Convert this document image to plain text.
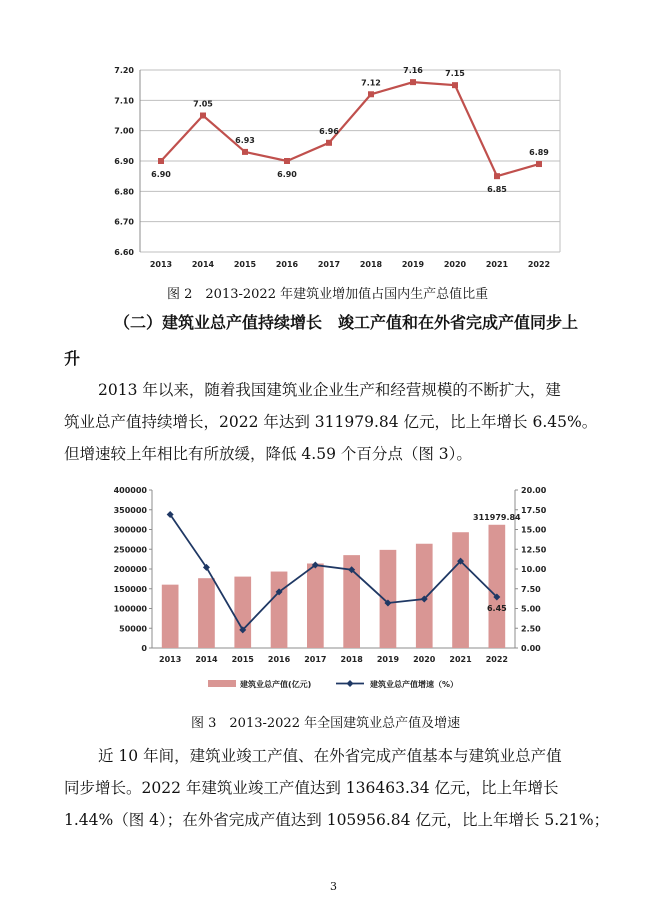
6.60
6.70
6.80
6.90
7.00
7.10
7.20
2013 2014 2015 2016 2017 2018 2019 2020 2021 2022
6.90
7.05
6.93
6.90
6.96
7.12
7.16	7.15
6.85
6.89
图 2　2013-2022 年建筑业增加值占国内生产总值比重
（二）建筑业总产值持续增长　竣工产值和在外省完成产值同步上
升
2013 年以来，随着我国建筑业企业生产和经营规模的不断扩大，建
筑业总产值持续增长，2022 年达到 311979.84 亿元，比上年增长 6.45%。
但增速较上年相比有所放缓，降低 4.59 个百分点（图 3）。
0
50000
100000
150000
200000
250000
300000
350000
400000
0.00
2.50
5.00
7.50
10.00
12.50
15.00
17.50
20.00
2013 2014 2015 2016 2017 2018 2019 2020 2021 2022
311979.84
6.45
建筑业总产值(亿元)	建筑业总产值增速（%）
图 3　2013-2022 年全国建筑业总产值及增速
近 10 年间，建筑业竣工产值、在外省完成产值基本与建筑业总产值
同步增长。2022 年建筑业竣工产值达到 136463.34 亿元，比上年增长
1.44%（图 4）；在外省完成产值达到 105956.84 亿元，比上年增长 5.21%；
3
